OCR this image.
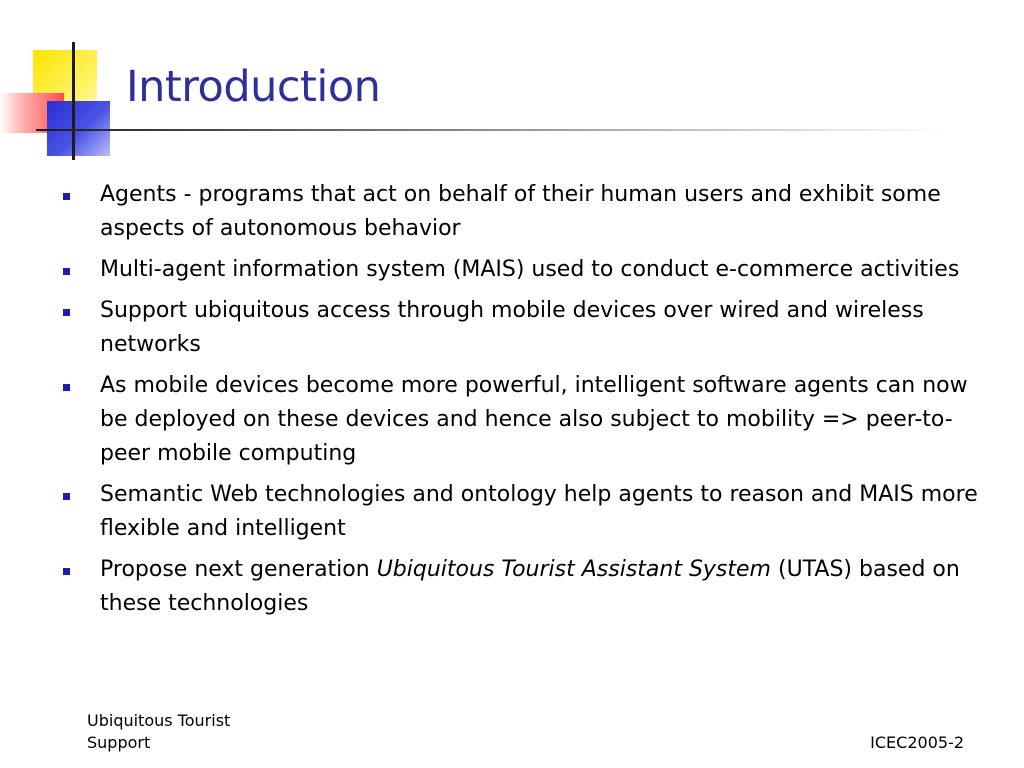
Introduction
Agents - programs that act on behalf of their human users and exhibit some aspects of autonomous behavior
Multi-agent information system (MAIS) used to conduct e-commerce activities
Support ubiquitous access through mobile devices over wired and wireless networks
As mobile devices become more powerful, intelligent software agents can now be deployed on these devices and hence also subject to mobility => peer-to-peer mobile computing
Semantic Web technologies and ontology help agents to reason and MAIS more flexible and intelligent
Propose next generation Ubiquitous Tourist Assistant System (UTAS) based on these technologies
Ubiquitous Tourist Support	ICEC2005-2
